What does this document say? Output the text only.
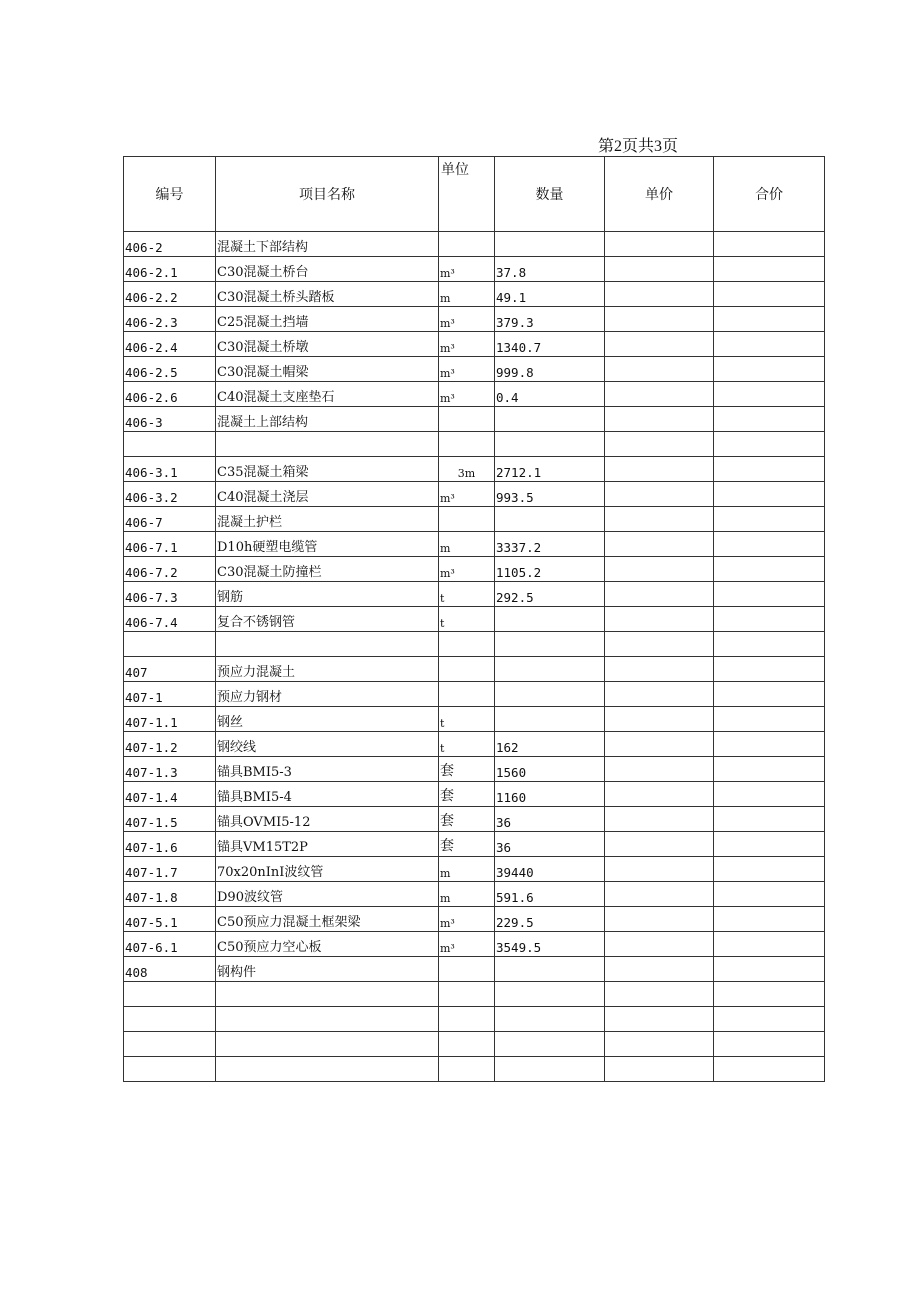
第2页共3页
编号	项目名称	单位	数量	单价	合价
406-2	混凝土下部结构				
406-2.1	C30混凝土桥台	m³	37.8		
406-2.2	C30混凝土桥头踏板	m	49.1		
406-2.3	C25混凝土挡墙	m³	379.3		
406-2.4	C30混凝土桥墩	m³	1340.7		
406-2.5	C30混凝土帽梁	m³	999.8		
406-2.6	C40混凝土支座垫石	m³	0.4		
406-3	混凝土上部结构				

406-3.1	C35混凝土箱梁	3m	2712.1		
406-3.2	C40混凝土浇层	m³	993.5		
406-7	混凝土护栏				
406-7.1	D10h硬塑电缆管	m	3337.2		
406-7.2	C30混凝土防撞栏	m³	1105.2		
406-7.3	钢筋	t	292.5		
406-7.4	复合不锈钢管	t			

407	预应力混凝土				
407-1	预应力钢材				
407-1.1	钢丝	t			
407-1.2	钢绞线	t	162		
407-1.3	锚具BMI5-3	套	1560		
407-1.4	锚具BMI5-4	套	1160		
407-1.5	锚具OVMI5-12	套	36		
407-1.6	锚具VM15T2P	套	36		
407-1.7	70x20nInI波纹管	m	39440		
407-1.8	D90波纹管	m	591.6		
407-5.1	C50预应力混凝土框架梁	m³	229.5		
407-6.1	C50预应力空心板	m³	3549.5		
408	钢构件				
